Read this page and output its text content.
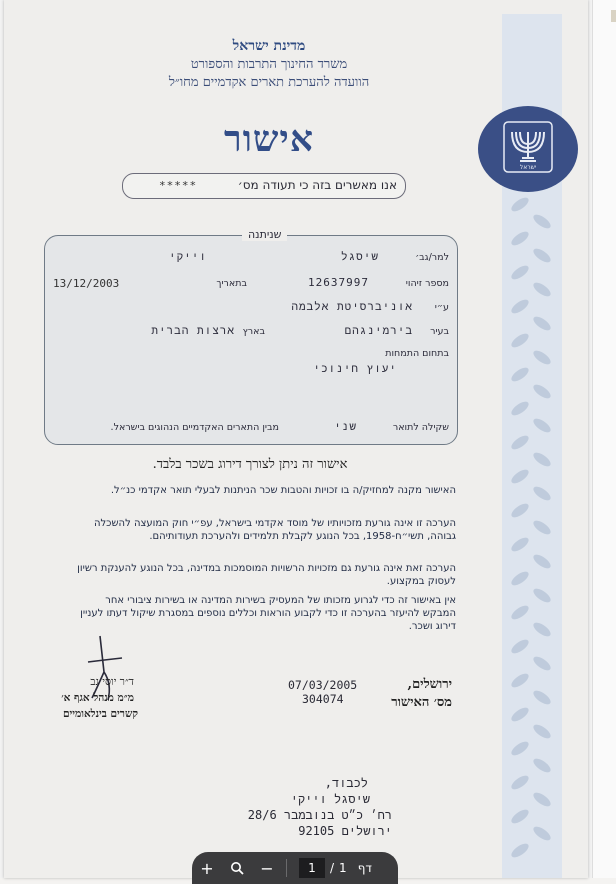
ישראל
מדינת ישראל
משרד החינוך התרבות והספורט
הוועדה להערכת תארים אקדמיים מחו״ל
אישור
אנו מאשרים בזה כי תעודה מס׳
*****
למר/גב׳
שיסגל
וייקי
מספר זיהוי
12637997
בתאריך
13/12/2003
ע״י
אוניברסיטת אלבמה
בעיר
בירמינגהם
בארץ
ארצות הברית
בתחום התמחות
יעוץ חינוכי
שקילה לתואר
שני
מבין התארים האקדמיים הנהוגים בישראל.
שניתנה
אישור זה ניתן לצורך דירוג בשכר בלבד.
האישור מקנה למחזיק/ה בו זכויות והטבות שכר הניתנות לבעלי תואר אקדמי כנ״ל.
הערכה זו אינה גורעת מזכויותיו של מוסד אקדמי בישראל, עפ״י חוק המועצה להשכלה גבוהה, תשי״ח-1958, בכל הנוגע לקבלת תלמידים ולהערכת תעודותיהם.
הערכה זאת אינה גורעת גם מזכויות הרשויות המוסמכות במדינה, בכל הנוגע להענקת רשיון לעסוק במקצוע.
אין באישור זה כדי לגרוע מזכותו של המעסיק בשירות המדינה או בשירות ציבורי אחר המבקש להיעזר בהערכה זו כדי לקבוע הוראות וכללים נוספים במסגרת שיקול דעתו לעניין דירוג ושכר.
ד״ר יוסי גב
מ״מ מנהל אגף א׳
קשרים בינלאומיים
07/03/2005
304074
ירושלים,
מס׳ האישור
לכבוד,
שיסגל וייקי
רח׳ כ״ט בנובמבר 28/6
ירושלים 92105
+	−
1	/ 1 דף
